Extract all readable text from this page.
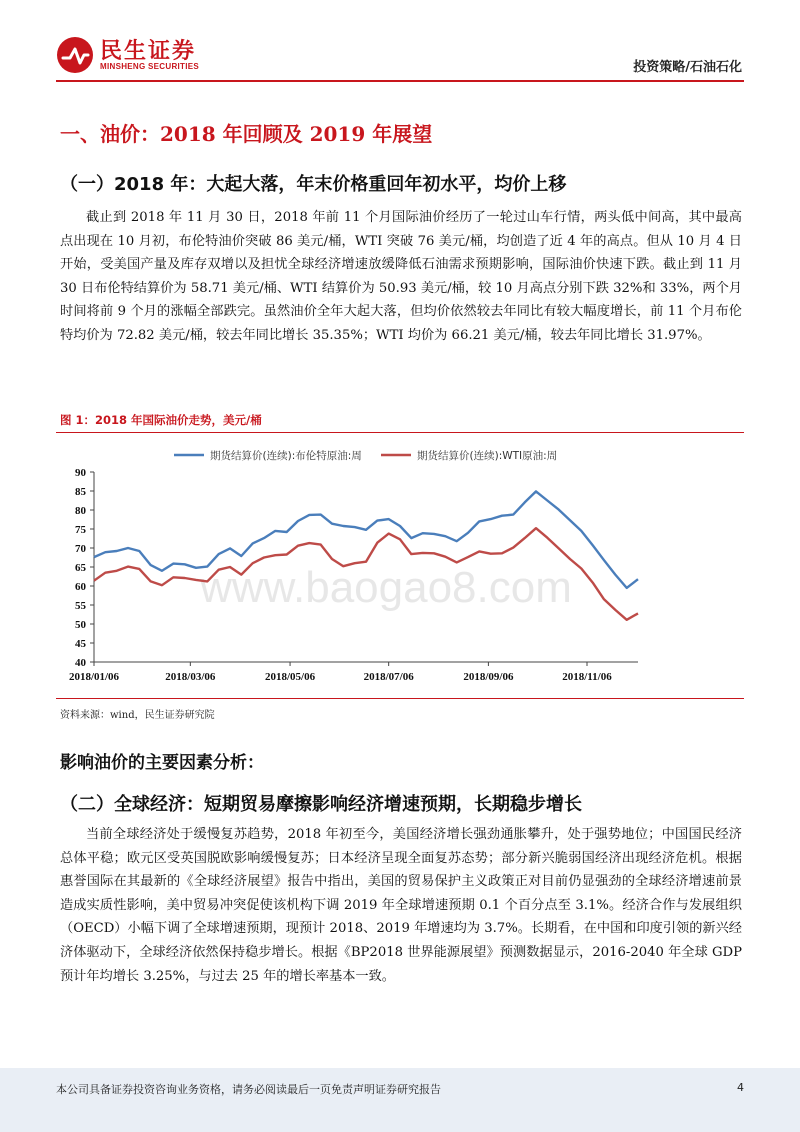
民生证券
MINSHENG SECURITIES	投资策略/石油石化
一、油价：2018 年回顾及 2019 年展望
（一）2018 年：大起大落，年末价格重回年初水平，均价上移

截止到 2018 年 11 月 30 日，2018 年前 11 个月国际油价经历了一轮过山车行情，两头低中间高，其中最高点出现在 10 月初，布伦特油价突破 86 美元/桶，WTI 突破 76 美元/桶，均创造了近 4 年的高点。但从 10 月 4 日开始，受美国产量及库存双增以及担忧全球经济增速放缓降低石油需求预期影响，国际油价快速下跌。截止到 11 月 30 日布伦特结算价为 58.71 美元/桶、WTI 结算价为 50.93 美元/桶，较 10 月高点分别下跌 32%和 33%，两个月时间将前 9 个月的涨幅全部跌完。虽然油价全年大起大落，但均价依然较去年同比有较大幅度增长，前 11 个月布伦特均价为 72.82 美元/桶，较去年同比增长 35.35%；WTI 均价为 66.21 美元/桶，较去年同比增长 31.97%。

图 1：2018 年国际油价走势，美元/桶
期货结算价(连续):布伦特原油:周	期货结算价(连续):WTI原油:周
www.baogao8.com
40
45
50
55
60
65
70
75
80
85
90
2018/01/06	2018/03/06	2018/05/06	2018/07/06	2018/09/06	2018/11/06
资料来源：wind，民生证券研究院
影响油价的主要因素分析：
（二）全球经济：短期贸易摩擦影响经济增速预期，长期稳步增长

当前全球经济处于缓慢复苏趋势，2018 年初至今，美国经济增长强劲通胀攀升，处于强势地位；中国国民经济总体平稳；欧元区受英国脱欧影响缓慢复苏；日本经济呈现全面复苏态势；部分新兴脆弱国经济出现经济危机。根据惠誉国际在其最新的《全球经济展望》报告中指出，美国的贸易保护主义政策正对目前仍显强劲的全球经济增速前景造成实质性影响，美中贸易冲突促使该机构下调 2019 年全球增速预期 0.1 个百分点至 3.1%。经济合作与发展组织（OECD）小幅下调了全球增速预期，现预计 2018、2019 年增速均为 3.7%。长期看，在中国和印度引领的新兴经济体驱动下，全球经济依然保持稳步增长。根据《BP2018 世界能源展望》预测数据显示，2016-2040 年全球 GDP 预计年均增长 3.25%，与过去 25 年的增长率基本一致。

本公司具备证券投资咨询业务资格，请务必阅读最后一页免责声明证券研究报告	4
